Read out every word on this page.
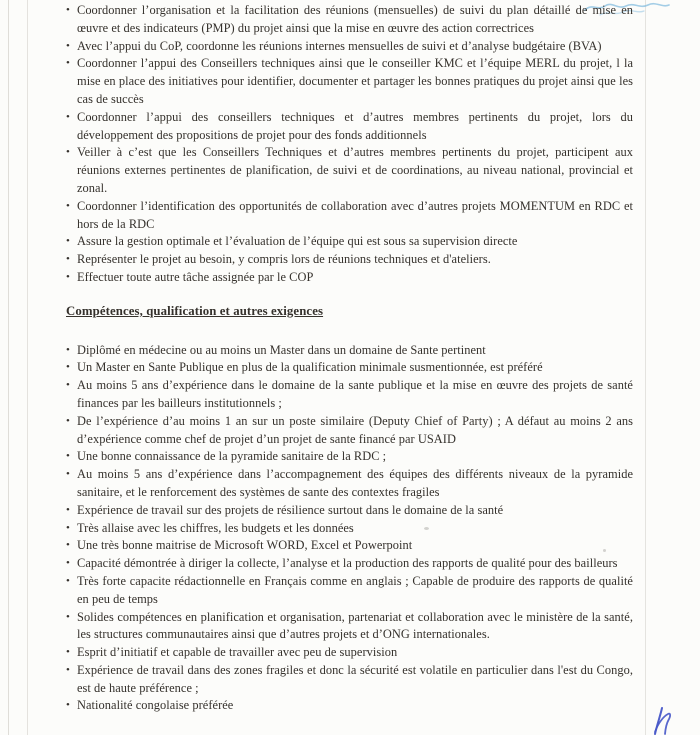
• Coordonner l’organisation et la facilitation des réunions (mensuelles) de suivi du plan détaillé de mise en œuvre et des indicateurs (PMP) du projet ainsi que la mise en œuvre des action correctrices
• Avec l’appui du CoP, coordonne les réunions internes mensuelles de suivi et d’analyse budgétaire (BVA)
• Coordonner l’appui des Conseillers techniques ainsi que le conseiller KMC et l’équipe MERL du projet, l la mise en place des initiatives pour identifier, documenter et partager les bonnes pratiques du projet ainsi que les cas de succès
• Coordonner l’appui des conseillers techniques et d’autres membres pertinents du projet, lors du développement des propositions de projet pour des fonds additionnels
• Veiller à c’est que les Conseillers Techniques et d’autres membres pertinents du projet, participent aux réunions externes pertinentes de planification, de suivi et de coordinations, au niveau national, provincial et zonal.
• Coordonner l’identification des opportunités de collaboration avec d’autres projets MOMENTUM en RDC et hors de la RDC
• Assure la gestion optimale et l’évaluation de l’équipe qui est sous sa supervision directe
• Représenter le projet au besoin, y compris lors de réunions techniques et d'ateliers.
• Effectuer toute autre tâche assignée par le COP
Compétences, qualification et autres exigences
• Diplômé en médecine ou au moins un Master dans un domaine de Sante pertinent
• Un Master en Sante Publique en plus de la qualification minimale susmentionnée, est préféré
• Au moins 5 ans d’expérience dans le domaine de la sante publique et la mise en œuvre des projets de santé finances par les bailleurs institutionnels ;
• De l’expérience d’au moins 1 an sur un poste similaire (Deputy Chief of Party) ; A défaut au moins 2 ans d’expérience comme chef de projet d’un projet de sante financé par USAID
• Une bonne connaissance de la pyramide sanitaire de la RDC ;
• Au moins 5 ans d’expérience dans l’accompagnement des équipes des différents niveaux de la pyramide sanitaire, et le renforcement des systèmes de sante des contextes fragiles
• Expérience de travail sur des projets de résilience surtout dans le domaine de la santé
• Très allaise avec les chiffres, les budgets et les données
• Une très bonne maitrise de Microsoft WORD, Excel et Powerpoint
• Capacité démontrée à diriger la collecte, l’analyse et la production des rapports de qualité pour des bailleurs
• Très forte capacite rédactionnelle en Français comme en anglais ; Capable de produire des rapports de qualité en peu de temps
• Solides compétences en planification et organisation, partenariat et collaboration avec le ministère de la santé, les structures communautaires ainsi que d’autres projets et d’ONG internationales.
• Esprit d’initiatif et capable de travailler avec peu de supervision
• Expérience de travail dans des zones fragiles et donc la sécurité est volatile en particulier dans l'est du Congo, est de haute préférence ;
• Nationalité congolaise préférée
